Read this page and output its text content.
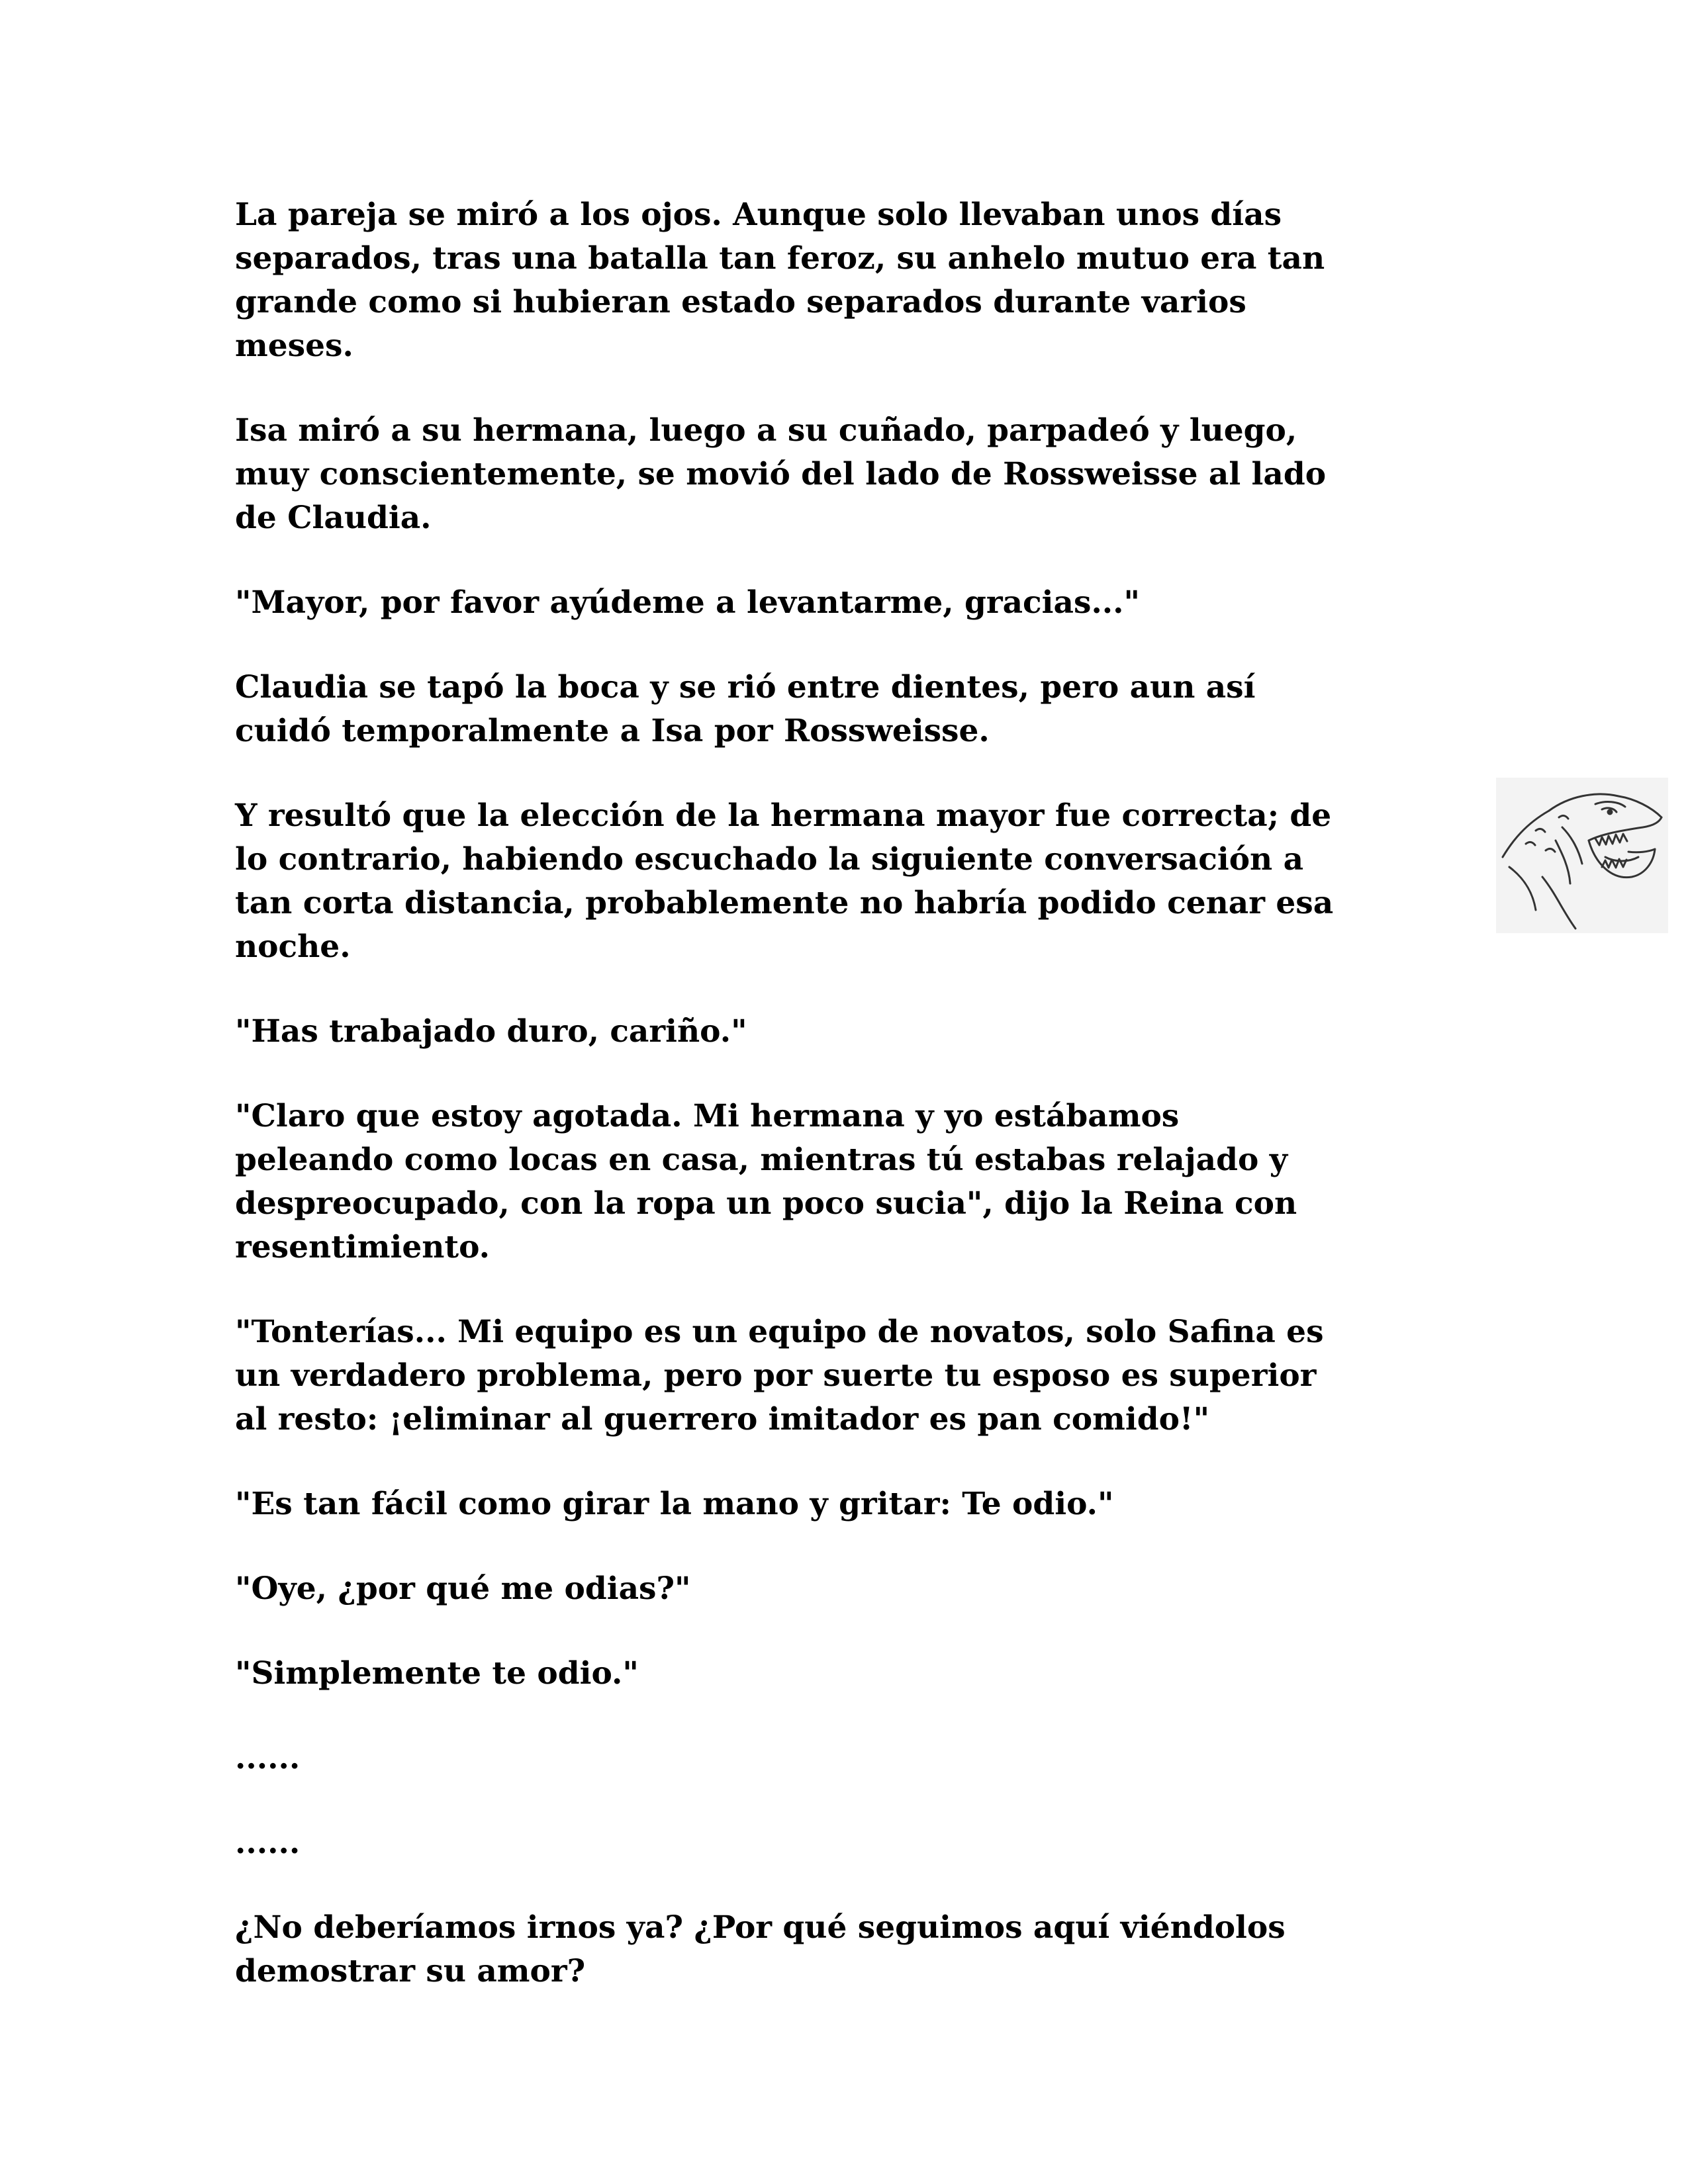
La pareja se miró a los ojos. Aunque solo llevaban unos días
separados, tras una batalla tan feroz, su anhelo mutuo era tan
grande como si hubieran estado separados durante varios
meses.

Isa miró a su hermana, luego a su cuñado, parpadeó y luego,
muy conscientemente, se movió del lado de Rossweisse al lado
de Claudia.

"Mayor, por favor ayúdeme a levantarme, gracias..."

Claudia se tapó la boca y se rió entre dientes, pero aun así
cuidó temporalmente a Isa por Rossweisse.

Y resultó que la elección de la hermana mayor fue correcta; de
lo contrario, habiendo escuchado la siguiente conversación a
tan corta distancia, probablemente no habría podido cenar esa
noche.

"Has trabajado duro, cariño."

"Claro que estoy agotada. Mi hermana y yo estábamos
peleando como locas en casa, mientras tú estabas relajado y
despreocupado, con la ropa un poco sucia", dijo la Reina con
resentimiento.

"Tonterías... Mi equipo es un equipo de novatos, solo Safina es
un verdadero problema, pero por suerte tu esposo es superior
al resto: ¡eliminar al guerrero imitador es pan comido!"

"Es tan fácil como girar la mano y gritar: Te odio."

"Oye, ¿por qué me odias?"

"Simplemente te odio."

......

......

¿No deberíamos irnos ya? ¿Por qué seguimos aquí viéndolos
demostrar su amor?
